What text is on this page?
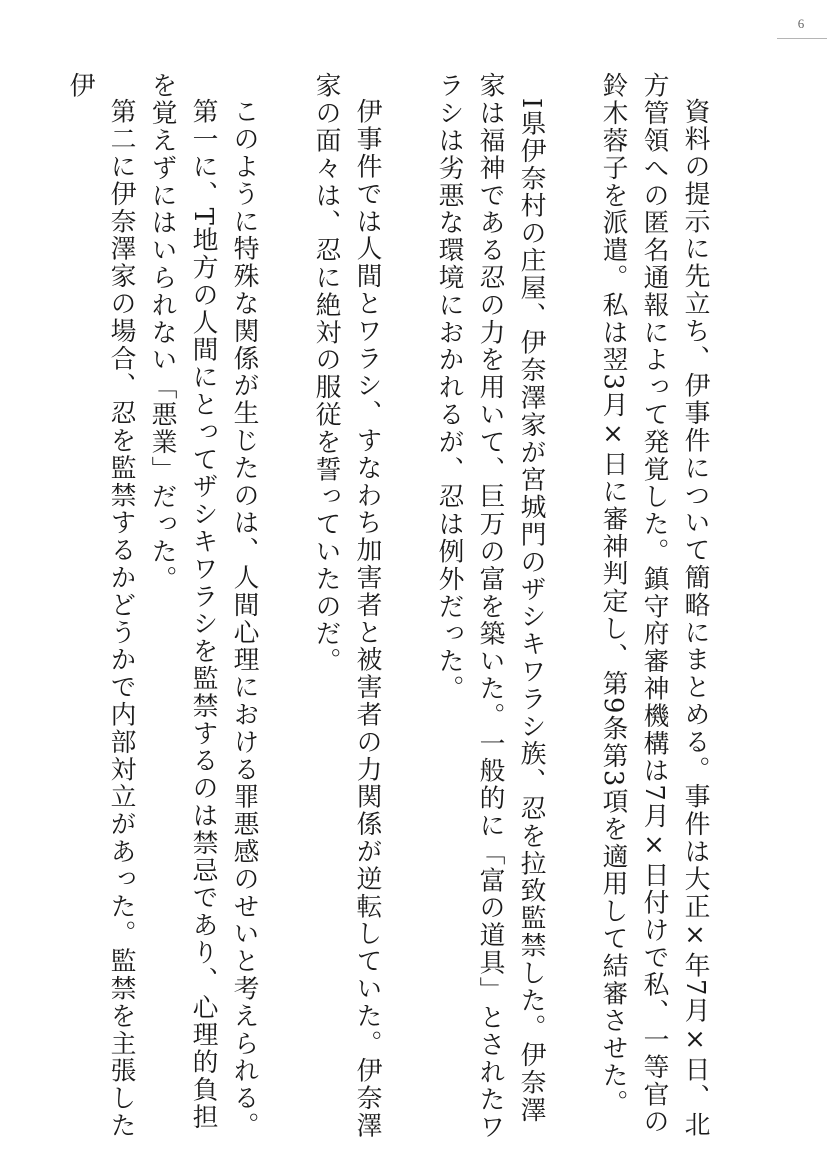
6

資料の提示に先立ち、伊事件について簡略にまとめる。事件は大正×年7月×日、北方管領への匿名通報によって発覚した。鎮守府審神機構は7月×日付けで私、一等官の鈴木蓉子を派遣。私は翌3月×日に審神判定し、第9条第3項を適用して結審させた。

I県伊奈村の庄屋、伊奈澤家が宮城門のザシキワラシ族、忍を拉致監禁した。伊奈澤家は福神である忍の力を用いて、巨万の富を築いた。一般的に「富の道具」とされたワラシは劣悪な環境におかれるが、忍は例外だった。

伊事件では人間とワラシ、すなわち加害者と被害者の力関係が逆転していた。伊奈澤家の面々は、忍に絶対の服従を誓っていたのだ。

このように特殊な関係が生じたのは、人間心理における罪悪感のせいと考えられる。

第一に、T地方の人間にとってザシキワラシを監禁するのは禁忌であり、心理的負担を覚えずにはいられない「悪業」だった。

第二に伊奈澤家の場合、忍を監禁するかどうかで内部対立があった。監禁を主張した伊
